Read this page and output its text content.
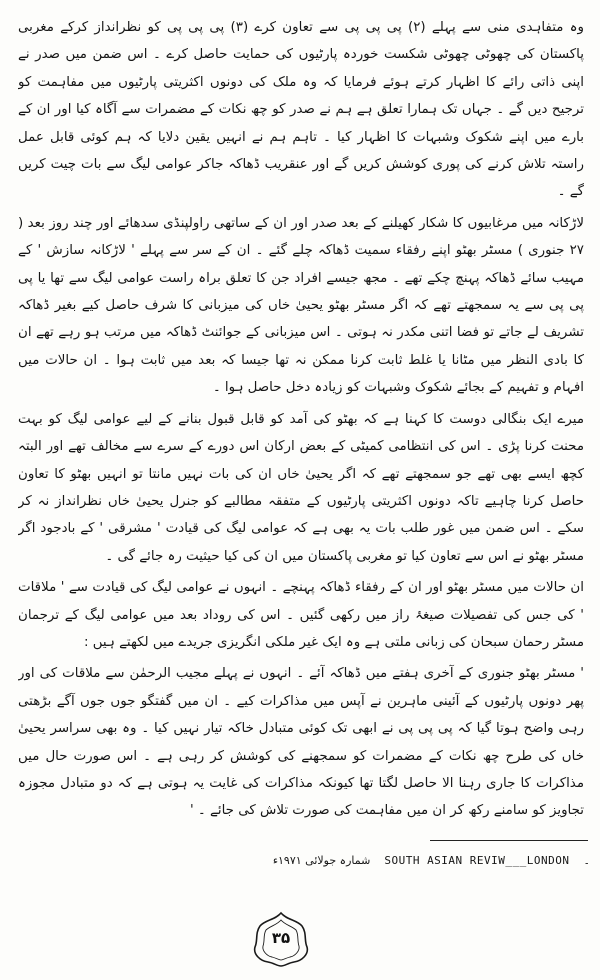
وہ متفاہدی منی سے پہلے (۲) پی پی پی سے تعاون کرے (۳) پی پی پی کو نظرانداز کرکے مغربی پاکستان کی چھوٹی چھوٹی شکست خوردہ پارٹیوں کی حمایت حاصل کرے ۔ اس ضمن میں صدر نے اپنی ذاتی رائے کا اظہار کرتے ہوئے فرمایا کہ وہ ملک کی دونوں اکثریتی پارٹیوں میں مفاہمت کو ترجیح دیں گے ۔ جہاں تک ہمارا تعلق ہے ہم نے صدر کو چھ نکات کے مضمرات سے آگاہ کیا اور ان کے بارے میں اپنے شکوک وشبہات کا اظہار کیا ۔ تاہم ہم نے انہیں یقین دلایا کہ ہم کوئی قابل عمل راستہ تلاش کرنے کی پوری کوشش کریں گے اور عنقریب ڈھاکہ جاکر عوامی لیگ سے بات چیت کریں گے ۔

لاڑکانہ میں مرغابیوں کا شکار کھیلنے کے بعد صدر اور ان کے ساتھی راولپنڈی سدھائے اور چند روز بعد ( ۲۷ جنوری ) مسٹر بھٹو اپنے رفقاء سمیت ڈھاکہ چلے گئے ۔ ان کے سر سے پہلے ' لاڑکانہ سازش ' کے مہیب سائے ڈھاکہ پہنچ چکے تھے ۔ مجھ جیسے افراد جن کا تعلق براہ راست عوامی لیگ سے تھا یا پی پی پی سے یہ سمجھتے تھے کہ اگر مسٹر بھٹو یحییٰ خاں کی میزبانی کا شرف حاصل کیے بغیر ڈھاکہ تشریف لے جاتے تو فضا اتنی مکدر نہ ہوتی ۔ اس میزبانی کے جوائنٹ ڈھاکہ میں مرتب ہو رہے تھے ان کا بادی النظر میں مٹانا یا غلط ثابت کرنا ممکن نہ تھا جیسا کہ بعد میں ثابت ہوا ۔ ان حالات میں افہام و تفہیم کے بجائے شکوک وشبہات کو زیادہ دخل حاصل ہوا ۔

میرے ایک بنگالی دوست کا کہنا ہے کہ بھٹو کی آمد کو قابل قبول بنانے کے لیے عوامی لیگ کو بہت محنت کرنا پڑی ۔ اس کی انتظامی کمیٹی کے بعض ارکان اس دورے کے سرے سے مخالف تھے اور البتہ کچھ ایسے بھی تھے جو سمجھتے تھے کہ اگر یحییٰ خاں ان کی بات نہیں مانتا تو انہیں بھٹو کا تعاون حاصل کرنا چاہیے تاکہ دونوں اکثریتی پارٹیوں کے متفقہ مطالبے کو جنرل یحییٰ خاں نظرانداز نہ کر سکے ۔ اس ضمن میں غور طلب بات یہ بھی ہے کہ عوامی لیگ کی قیادت ' مشرقی ' کے بادجود اگر مسٹر بھٹو نے اس سے تعاون کیا تو مغربی پاکستان میں ان کی کیا حیثیت رہ جائے گی ۔

ان حالات میں مسٹر بھٹو اور ان کے رفقاء ڈھاکہ پہنچے ۔ انہوں نے عوامی لیگ کی قیادت سے ' ملاقات ' کی جس کی تفصیلات صیغۂ راز میں رکھی گئیں ۔ اس کی روداد بعد میں عوامی لیگ کے ترجمان مسٹر رحمان سبحان کی زبانی ملتی ہے وہ ایک غیر ملکی انگریزی جریدے میں لکھتے ہیں :

' مسٹر بھٹو جنوری کے آخری ہفتے میں ڈھاکہ آئے ۔ انہوں نے پہلے مجیب الرحمٰن سے ملاقات کی اور پھر دونوں پارٹیوں کے آئینی ماہرین نے آپس میں مذاکرات کیے ۔ ان میں گفتگو جوں جوں آگے بڑھتی رہی واضح ہوتا گیا کہ پی پی پی نے ابھی تک کوئی متبادل خاکہ تیار نہیں کیا ۔ وہ بھی سراسر یحییٰ خاں کی طرح چھ نکات کے مضمرات کو سمجھنے کی کوشش کر رہی ہے ۔ اس صورت حال میں مذاکرات کا جاری رہنا الا حاصل لگتا تھا کیونکہ مذاکرات کی غایت یہ ہوتی ہے کہ دو متبادل مجوزہ تجاویز کو سامنے رکھ کر ان میں مفاہمت کی صورت تلاش کی جائے ۔ '

۔    SOUTH ASIAN REVIW___LONDON    شمارہ جولائی ۱۹۷۱ء
۳۵
